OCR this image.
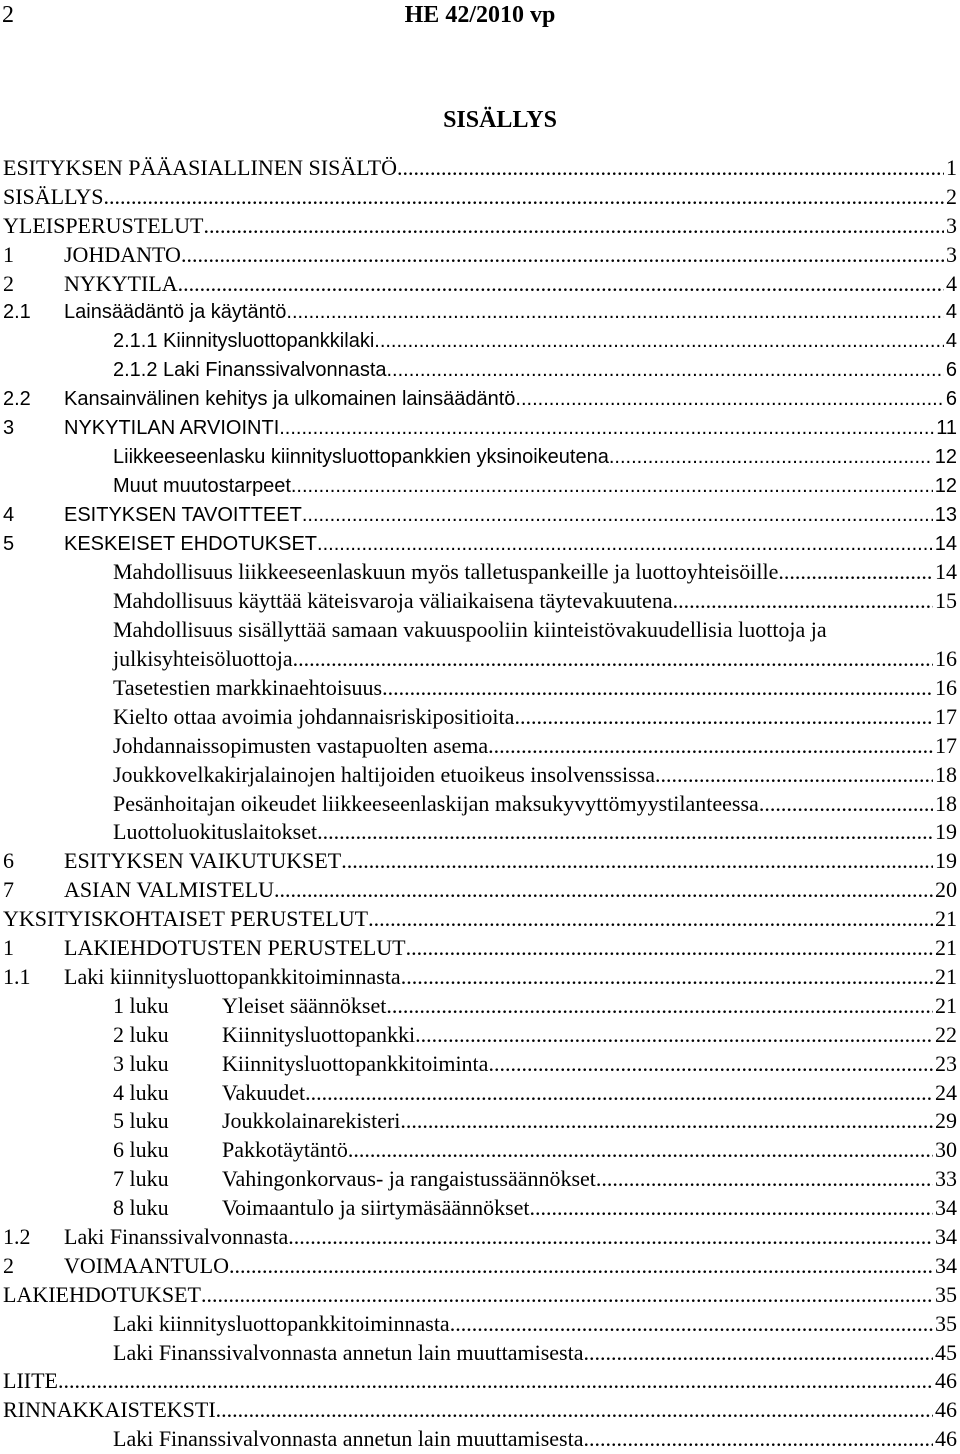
2	HE 42/2010 vp
SISÄLLYS
ESITYKSEN PÄÄASIALLINEN SISÄLTÖ .....	1
SISÄLLYS .....	2
YLEISPERUSTELUT .....	3
1 JOHDANTO .....	3
2 NYKYTILA .....	4
2.1 Lainsäädäntö ja käytäntö .....	4
2.1.1 Kiinnitysluottopankkilaki .....	4
2.1.2 Laki Finanssivalvonnasta .....	6
2.2 Kansainvälinen kehitys ja ulkomainen lainsäädäntö .....	6
3 NYKYTILAN ARVIOINTI .....	11
Liikkeeseenlasku kiinnitysluottopankkien yksinoikeutena .....	12
Muut muutostarpeet .....	12
4 ESITYKSEN TAVOITTEET .....	13
5 KESKEISET EHDOTUKSET .....	14
Mahdollisuus liikkeeseenlaskuun myös talletuspankeille ja luottoyhteisöille .....	14
Mahdollisuus käyttää käteisvaroja väliaikaisena täytevakuutena .....	15
Mahdollisuus sisällyttää samaan vakuuspooliin kiinteistövakuudellisia luottoja ja
julkisyhteisöluottoja .....	16
Tasetestien markkinaehtoisuus .....	16
Kielto ottaa avoimia johdannaisriskipositioita .....	17
Johdannaissopimusten vastapuolten asema .....	17
Joukkovelkakirjalainojen haltijoiden etuoikeus insolvenssissa .....	18
Pesänhoitajan oikeudet liikkeeseenlaskijan maksukyvyttömyystilanteessa .....	18
Luottoluokituslaitokset .....	19
6 ESITYKSEN VAIKUTUKSET .....	19
7 ASIAN VALMISTELU .....	20
YKSITYISKOHTAISET PERUSTELUT .....	21
1 LAKIEHDOTUSTEN PERUSTELUT .....	21
1.1 Laki kiinnitysluottopankkitoiminnasta .....	21
1 luku Yleiset säännökset .....	21
2 luku Kiinnitysluottopankki .....	22
3 luku Kiinnitysluottopankkitoiminta .....	23
4 luku Vakuudet .....	24
5 luku Joukkolainarekisteri .....	29
6 luku Pakkotäytäntö .....	30
7 luku Vahingonkorvaus- ja rangaistussäännökset .....	33
8 luku Voimaantulo ja siirtymäsäännökset .....	34
1.2 Laki Finanssivalvonnasta .....	34
2 VOIMAANTULO .....	34
LAKIEHDOTUKSET .....	35
Laki kiinnitysluottopankkitoiminnasta .....	35
Laki Finanssivalvonnasta annetun lain muuttamisesta .....	45
LIITE .....	46
RINNAKKAISTEKSTI .....	46
Laki Finanssivalvonnasta annetun lain muuttamisesta .....	46
